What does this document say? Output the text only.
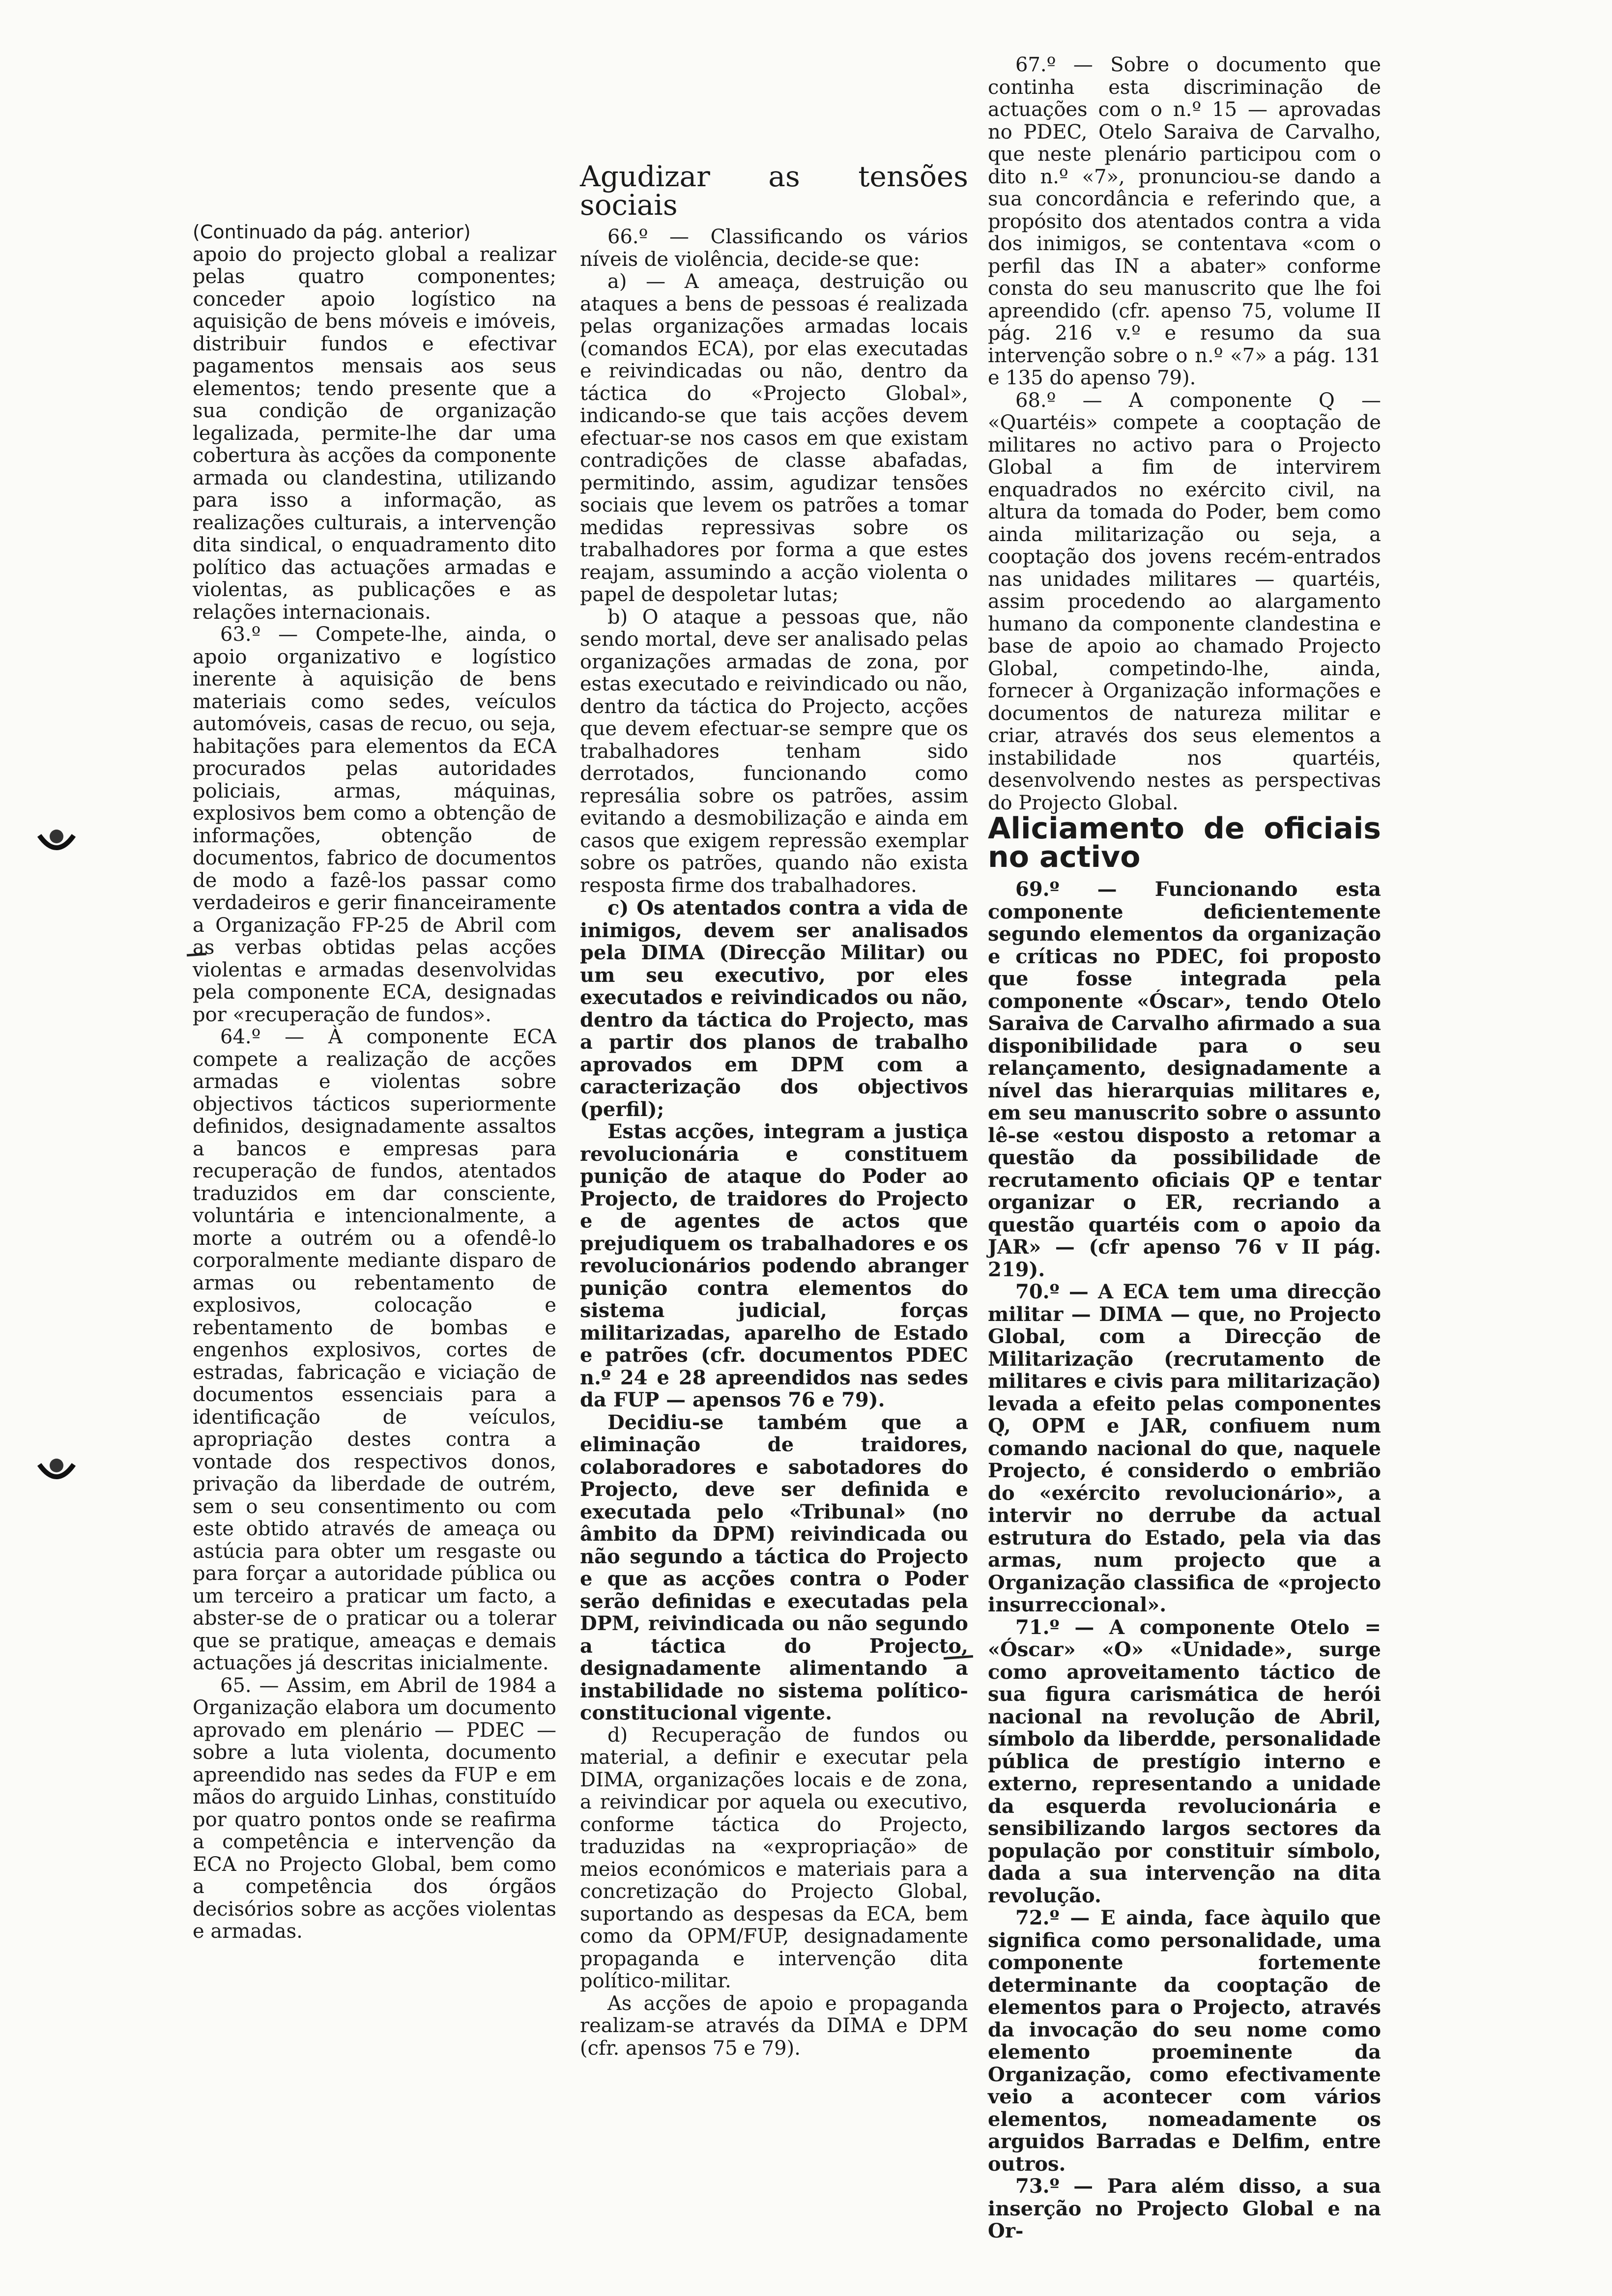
(Continuado da pág. anterior)

apoio do projecto global a realizar pelas quatro componentes; conceder apoio logístico na aquisição de bens móveis e imóveis, distribuir fundos e efectivar pagamentos mensais aos seus elementos; tendo presente que a sua condição de organização legalizada, permite-lhe dar uma cobertura às acções da componente armada ou clandestina, utilizando para isso a informação, as realizações culturais, a intervenção dita sindical, o enquadramento dito político das actuações armadas e violentas, as publicações e as relações internacionais.

63.º — Compete-lhe, ainda, o apoio organizativo e logístico inerente à aquisição de bens materiais como sedes, veículos automóveis, casas de recuo, ou seja, habitações para elementos da ECA procurados pelas autoridades policiais, armas, máquinas, explosivos bem como a obtenção de informações, obtenção de documentos, fabrico de documentos de modo a fazê-los passar como verdadeiros e gerir financeiramente a Organização FP-25 de Abril com as verbas obtidas pelas acções violentas e armadas desenvolvidas pela componente ECA, designadas por «recuperação de fundos».

64.º — À componente ECA compete a realização de acções armadas e violentas sobre objectivos tácticos superiormente definidos, designadamente assaltos a bancos e empresas para recuperação de fundos, atentados traduzidos em dar consciente, voluntária e intencionalmente, a morte a outrém ou a ofendê-lo corporalmente mediante disparo de armas ou rebentamento de explosivos, colocação e rebentamento de bombas e engenhos explosivos, cortes de estradas, fabricação e viciação de documentos essenciais para a identificação de veículos, apropriação destes contra a vontade dos respectivos donos, privação da liberdade de outrém, sem o seu consentimento ou com este obtido através de ameaça ou astúcia para obter um resgaste ou para forçar a autoridade pública ou um terceiro a praticar um facto, a abster-se de o praticar ou a tolerar que se pratique, ameaças e demais actuações já descritas inicialmente.

65. — Assim, em Abril de 1984 a Organização elabora um documento aprovado em plenário — PDEC — sobre a luta violenta, documento apreendido nas sedes da FUP e em mãos do arguido Linhas, constituído por quatro pontos onde se reafirma a competência e intervenção da ECA no Projecto Global, bem como a competência dos órgãos decisórios sobre as acções violentas e armadas.

Agudizar as tensões sociais

66.º — Classificando os vários níveis de violência, decide-se que:

a) — A ameaça, destruição ou ataques a bens de pessoas é realizada pelas organizações armadas locais (comandos ECA), por elas executadas e reivindicadas ou não, dentro da táctica do «Projecto Global», indicando-se que tais acções devem efectuar-se nos casos em que existam contradições de classe abafadas, permitindo, assim, agudizar tensões sociais que levem os patrões a tomar medidas repressivas sobre os trabalhadores por forma a que estes reajam, assumindo a acção violenta o papel de despoletar lutas;

b) O ataque a pessoas que, não sendo mortal, deve ser analisado pelas organizações armadas de zona, por estas executado e reivindicado ou não, dentro da táctica do Projecto, acções que devem efectuar-se sempre que os trabalhadores tenham sido derrotados, funcionando como represália sobre os patrões, assim evitando a desmobilização e ainda em casos que exigem repressão exemplar sobre os patrões, quando não exista resposta firme dos trabalhadores.

c) Os atentados contra a vida de inimigos, devem ser analisados pela DIMA (Direcção Militar) ou um seu executivo, por eles executados e reivindicados ou não, dentro da táctica do Projecto, mas a partir dos planos de trabalho aprovados em DPM com a caracterização dos objectivos (perfil);

Estas acções, integram a justiça revolucionária e constituem punição de ataque do Poder ao Projecto, de traidores do Projecto e de agentes de actos que prejudiquem os trabalhadores e os revolucionários podendo abranger punição contra elementos do sistema judicial, forças militarizadas, aparelho de Estado e patrões (cfr. documentos PDEC n.º 24 e 28 apreendidos nas sedes da FUP — apensos 76 e 79).

Decidiu-se também que a eliminação de traidores, colaboradores e sabotadores do Projecto, deve ser definida e executada pelo «Tribunal» (no âmbito da DPM) reivindicada ou não segundo a táctica do Projecto e que as acções contra o Poder serão definidas e executadas pela DPM, reivindicada ou não segundo a táctica do Projecto, designadamente alimentando a instabilidade no sistema político-constitucional vigente.

d) Recuperação de fundos ou material, a definir e executar pela DIMA, organizações locais e de zona, a reivindicar por aquela ou executivo, conforme táctica do Projecto, traduzidas na «expropriação» de meios económicos e materiais para a concretização do Projecto Global, suportando as despesas da ECA, bem como da OPM/FUP, designadamente propaganda e intervenção dita político-militar.

As acções de apoio e propaganda realizam-se através da DIMA e DPM (cfr. apensos 75 e 79).

67.º — Sobre o documento que continha esta discriminação de actuações com o n.º 15 — aprovadas no PDEC, Otelo Saraiva de Carvalho, que neste plenário participou com o dito n.º «7», pronunciou-se dando a sua concordância e referindo que, a propósito dos atentados contra a vida dos inimigos, se contentava «com o perfil das IN a abater» conforme consta do seu manuscrito que lhe foi apreendido (cfr. apenso 75, volume II pág. 216 v.º e resumo da sua intervenção sobre o n.º «7» a pág. 131 e 135 do apenso 79).

68.º — A componente Q — «Quartéis» compete a cooptação de militares no activo para o Projecto Global a fim de intervirem enquadrados no exército civil, na altura da tomada do Poder, bem como ainda militarização ou seja, a cooptação dos jovens recém-entrados nas unidades militares — quartéis, assim procedendo ao alargamento humano da componente clandestina e base de apoio ao chamado Projecto Global, competindo-lhe, ainda, fornecer à Organização informações e documentos de natureza militar e criar, através dos seus elementos a instabilidade nos quartéis, desenvolvendo nestes as perspectivas do Projecto Global.

Aliciamento de oficiais no activo

69.º — Funcionando esta componente deficientemente segundo elementos da organização e críticas no PDEC, foi proposto que fosse integrada pela componente «Óscar», tendo Otelo Saraiva de Carvalho afirmado a sua disponibilidade para o seu relançamento, designadamente a nível das hierarquias militares e, em seu manuscrito sobre o assunto lê-se «estou disposto a retomar a questão da possibilidade de recrutamento oficiais QP e tentar organizar o ER, recriando a questão quartéis com o apoio da JAR» — (cfr apenso 76 v II pág. 219).

70.º — A ECA tem uma direcção militar — DIMA — que, no Projecto Global, com a Direcção de Militarização (recrutamento de militares e civis para militarização) levada a efeito pelas componentes Q, OPM e JAR, confiuem num comando nacional do que, naquele Projecto, é considerdo o embrião do «exército revolucionário», a intervir no derrube da actual estrutura do Estado, pela via das armas, num projecto que a Organização classifica de «projecto insurreccional».

71.º — A componente Otelo = «Óscar» «O» «Unidade», surge como aproveitamento táctico de sua figura carismática de herói nacional na revolução de Abril, símbolo da liberdde, personalidade pública de prestígio interno e externo, representando a unidade da esquerda revolucionária e sensibilizando largos sectores da população por constituir símbolo, dada a sua intervenção na dita revolução.

72.º — E ainda, face àquilo que significa como personalidade, uma componente fortemente determinante da cooptação de elementos para o Projecto, através da invocação do seu nome como elemento proeminente da Organização, como efectivamente veio a acontecer com vários elementos, nomeadamente os arguidos Barradas e Delfim, entre outros.

73.º — Para além disso, a sua inserção no Projecto Global e na Or-
